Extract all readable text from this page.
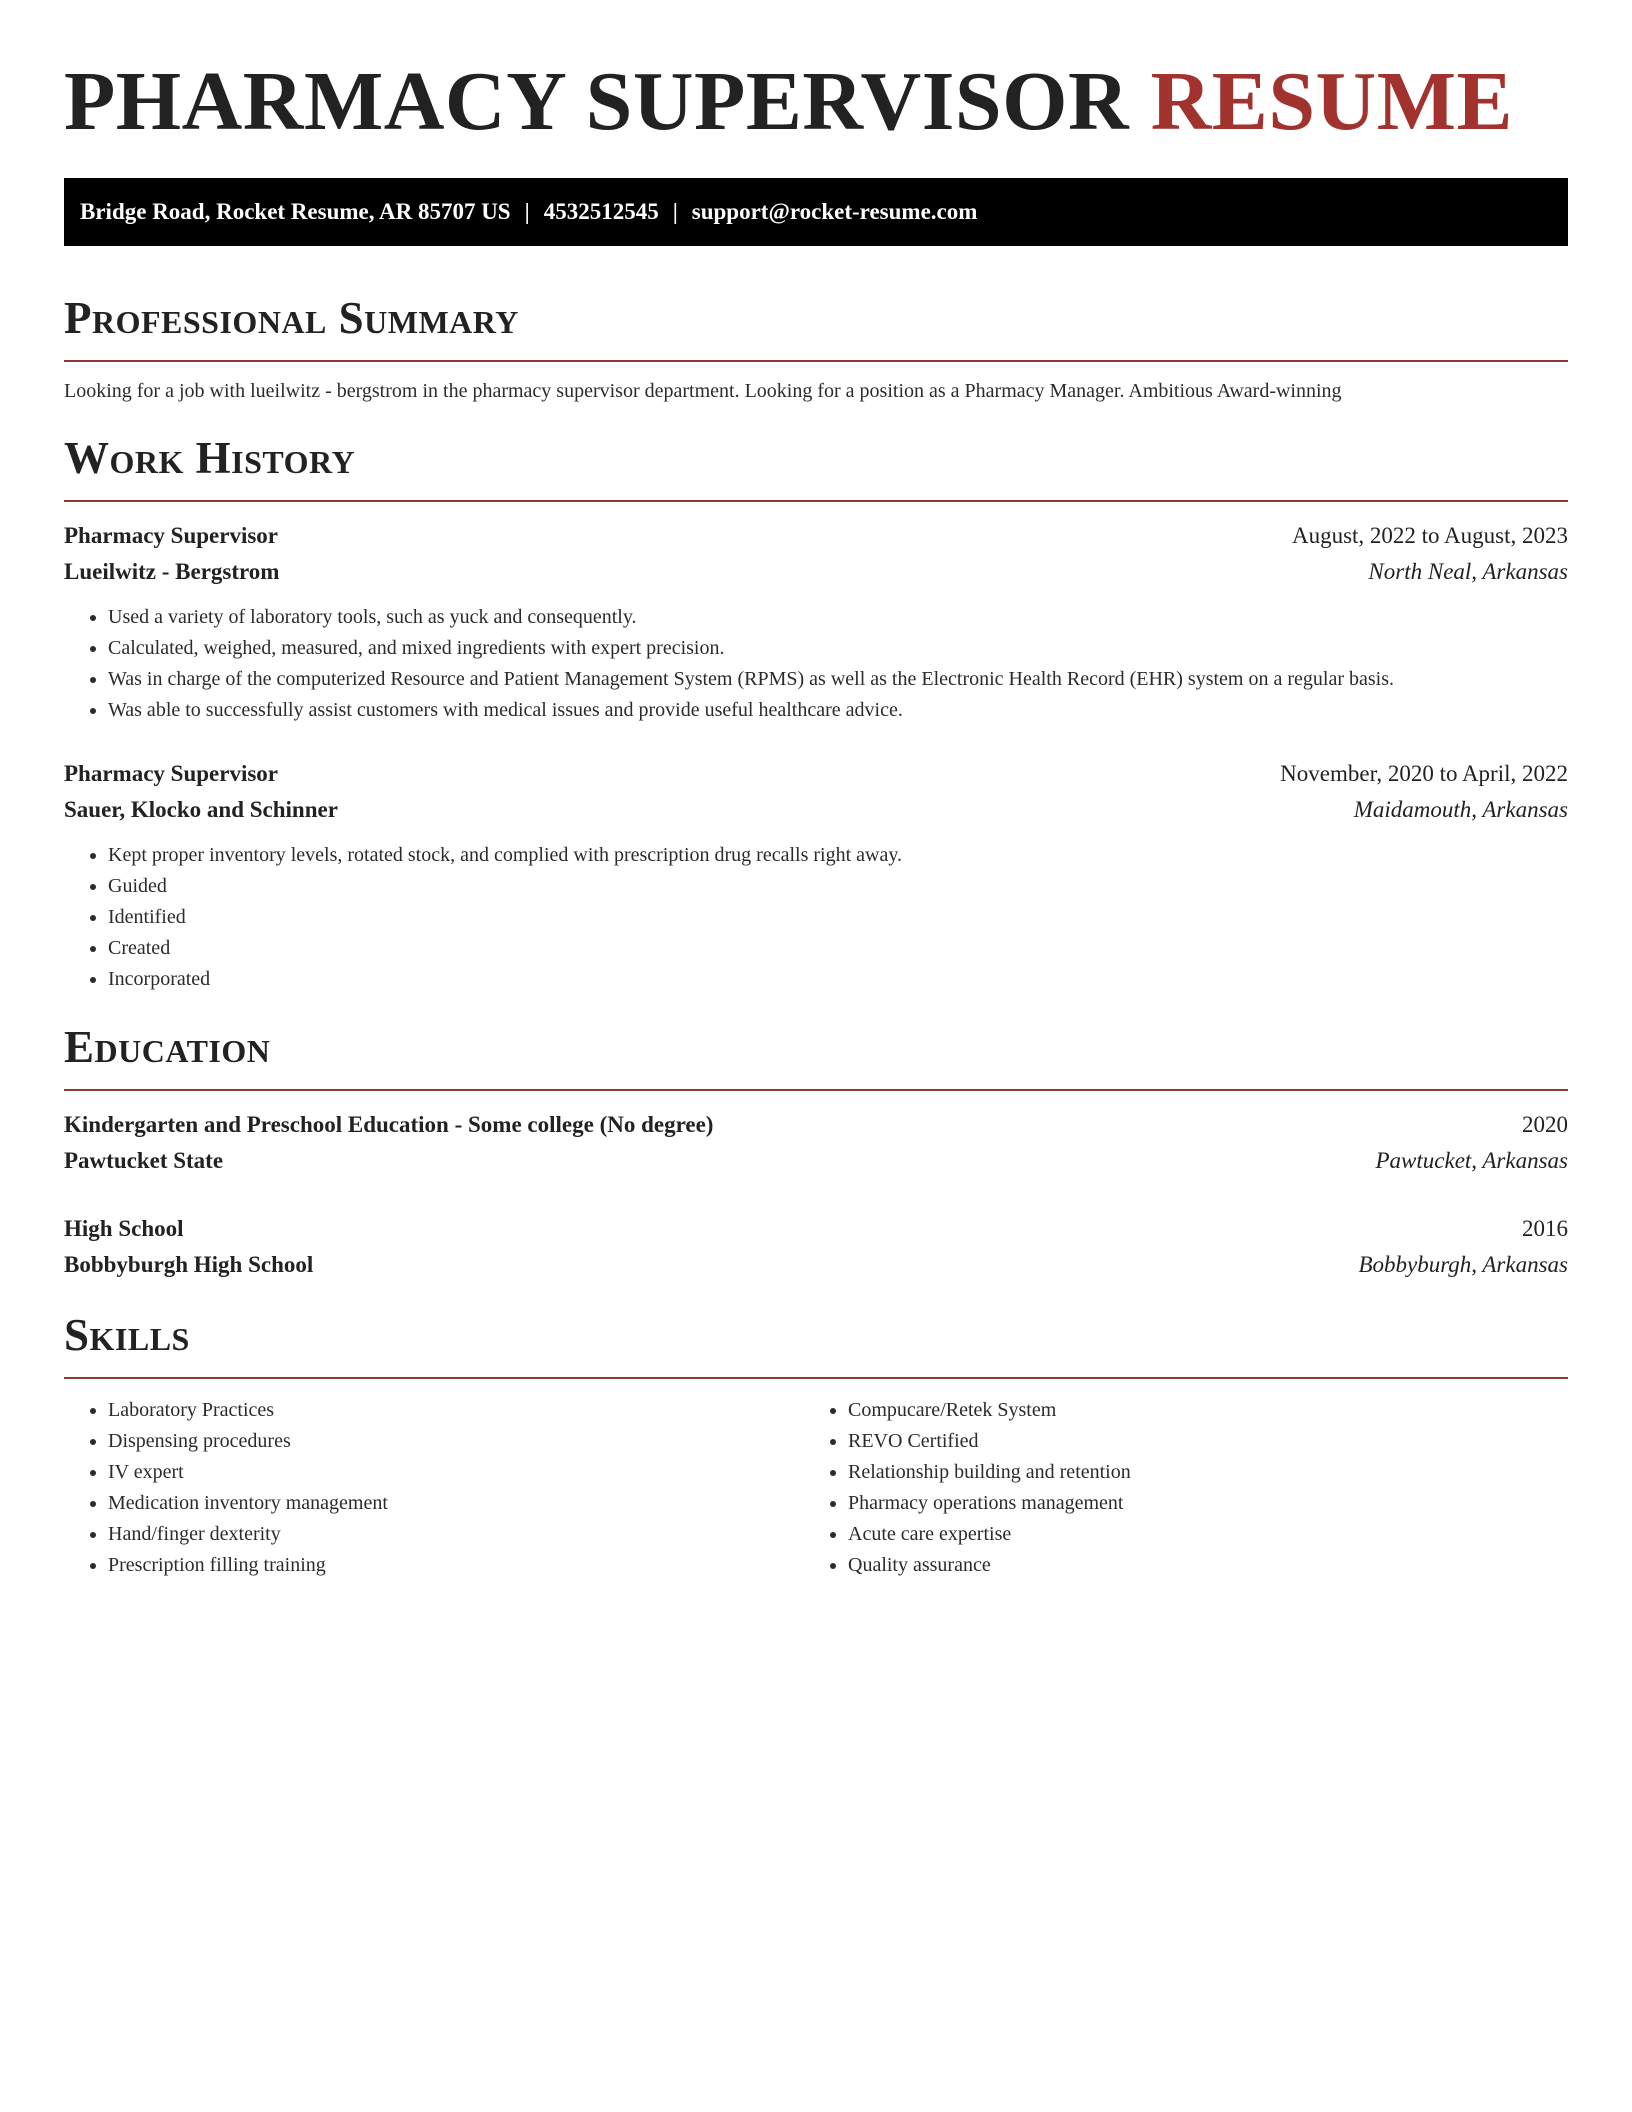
PHARMACY SUPERVISOR RESUME
Bridge Road, Rocket Resume, AR 85707 US | 4532512545 | support@rocket-resume.com
Professional Summary

Looking for a job with lueilwitz - bergstrom in the pharmacy supervisor department. Looking for a position as a Pharmacy Manager. Ambitious Award-winning

Work History
Pharmacy Supervisor	August, 2022 to August, 2023
Lueilwitz - Bergstrom	North Neal, Arkansas
• Used a variety of laboratory tools, such as yuck and consequently.
• Calculated, weighed, measured, and mixed ingredients with expert precision.
• Was in charge of the computerized Resource and Patient Management System (RPMS) as well as the Electronic Health Record (EHR) system on a regular basis.
• Was able to successfully assist customers with medical issues and provide useful healthcare advice.
Pharmacy Supervisor	November, 2020 to April, 2022
Sauer, Klocko and Schinner	Maidamouth, Arkansas
• Kept proper inventory levels, rotated stock, and complied with prescription drug recalls right away.
• Guided
• Identified
• Created
• Incorporated
Education
Kindergarten and Preschool Education - Some college (No degree)	2020
Pawtucket State	Pawtucket, Arkansas
High School	2016
Bobbyburgh High School	Bobbyburgh, Arkansas
Skills
• Laboratory Practices
• Dispensing procedures
• IV expert
• Medication inventory management
• Hand/finger dexterity
• Prescription filling training
• Compucare/Retek System
• REVO Certified
• Relationship building and retention
• Pharmacy operations management
• Acute care expertise
• Quality assurance
